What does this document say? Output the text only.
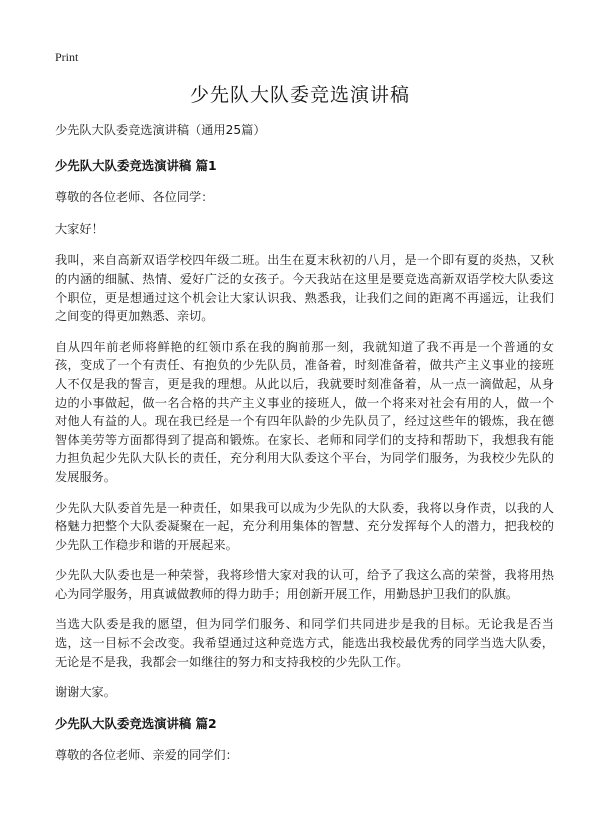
Print
少先队大队委竞选演讲稿

少先队大队委竞选演讲稿（通用25篇）

少先队大队委竞选演讲稿 篇1

尊敬的各位老师、各位同学：

大家好！

我叫，来自高新双语学校四年级二班。出生在夏末秋初的八月，是一个即有夏的炎热，又秋的内涵的细腻、热情、爱好广泛的女孩子。今天我站在这里是要竞选高新双语学校大队委这个职位，更是想通过这个机会让大家认识我、熟悉我，让我们之间的距离不再遥远，让我们之间变的得更加熟悉、亲切。

自从四年前老师将鲜艳的红领巾系在我的胸前那一刻，我就知道了我不再是一个普通的女孩，变成了一个有责任、有抱负的少先队员，准备着，时刻准备着，做共产主义事业的接班人不仅是我的誓言，更是我的理想。从此以后，我就要时刻准备着，从一点一滴做起，从身边的小事做起，做一名合格的共产主义事业的接班人，做一个将来对社会有用的人，做一个对他人有益的人。现在我已经是一个有四年队龄的少先队员了，经过这些年的锻炼，我在德智体美劳等方面都得到了提高和锻炼。在家长、老师和同学们的支持和帮助下，我想我有能力担负起少先队大队长的责任，充分利用大队委这个平台，为同学们服务，为我校少先队的发展服务。

少先队大队委首先是一种责任，如果我可以成为少先队的大队委，我将以身作责，以我的人格魅力把整个大队委凝聚在一起，充分利用集体的智慧、充分发挥每个人的潜力，把我校的少先队工作稳步和谐的开展起来。

少先队大队委也是一种荣誉，我将珍惜大家对我的认可，给予了我这么高的荣誉，我将用热心为同学服务，用真诚做教师的得力助手；用创新开展工作，用勤恳护卫我们的队旗。

当选大队委是我的愿望，但为同学们服务、和同学们共同进步是我的目标。无论我是否当选，这一目标不会改变。我希望通过这种竞选方式，能选出我校最优秀的同学当选大队委，无论是不是我，我都会一如继往的努力和支持我校的少先队工作。

谢谢大家。

少先队大队委竞选演讲稿 篇2

尊敬的各位老师、亲爱的同学们：
